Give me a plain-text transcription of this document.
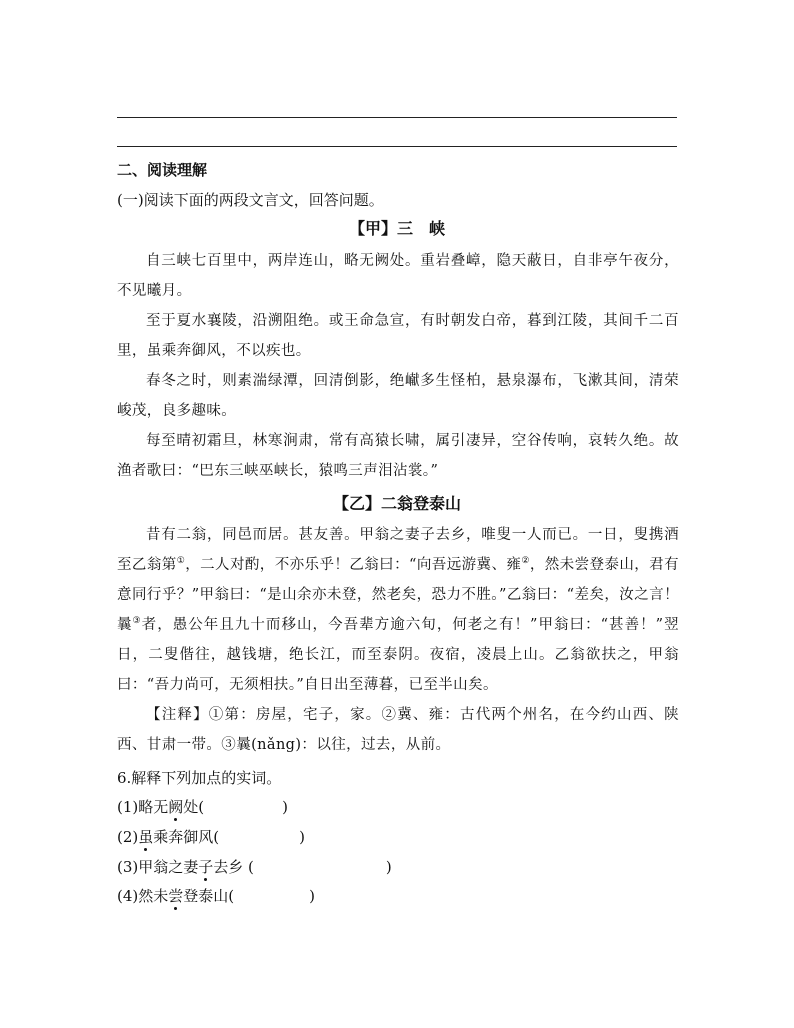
二、阅读理解
(一)阅读下面的两段文言文，回答问题。
【甲】三　峡

自三峡七百里中，两岸连山，略无阙处。重岩叠嶂，隐天蔽日，自非亭午夜分，不见曦月。

至于夏水襄陵，沿溯阻绝。或王命急宣，有时朝发白帝，暮到江陵，其间千二百里，虽乘奔御风，不以疾也。

春冬之时，则素湍绿潭，回清倒影，绝𪩘多生怪柏，悬泉瀑布，飞漱其间，清荣峻茂，良多趣味。

每至晴初霜旦，林寒涧肃，常有高猿长啸，属引凄异，空谷传响，哀转久绝。故渔者歌曰：“巴东三峡巫峡长，猿鸣三声泪沾裳。”

【乙】二翁登泰山

昔有二翁，同邑而居。甚友善。甲翁之妻子去乡，唯叟一人而已。一日，叟携酒至乙翁第①，二人对酌，不亦乐乎！乙翁曰：“向吾远游冀、雍②，然未尝登泰山，君有意同行乎？”甲翁曰：“是山余亦未登，然老矣，恐力不胜。”乙翁曰：“差矣，汝之言！曩③者，愚公年且九十而移山，今吾辈方逾六旬，何老之有！”甲翁曰：“甚善！”翌日，二叟偕往，越钱塘，绝长江，而至泰阴。夜宿，凌晨上山。乙翁欲扶之，甲翁曰：“吾力尚可，无须相扶。”自日出至薄暮，已至半山矣。

【注释】①第：房屋，宅子，家。②冀、雍：古代两个州名，在今约山西、陕西、甘肃一带。③曩(nǎng)：以往，过去，从前。

6.解释下列加点的实词。
(1)略无阙处(	)
(2)虽乘奔御风(	)
(3)甲翁之妻子去乡 (	)
(4)然未尝登泰山(	)
